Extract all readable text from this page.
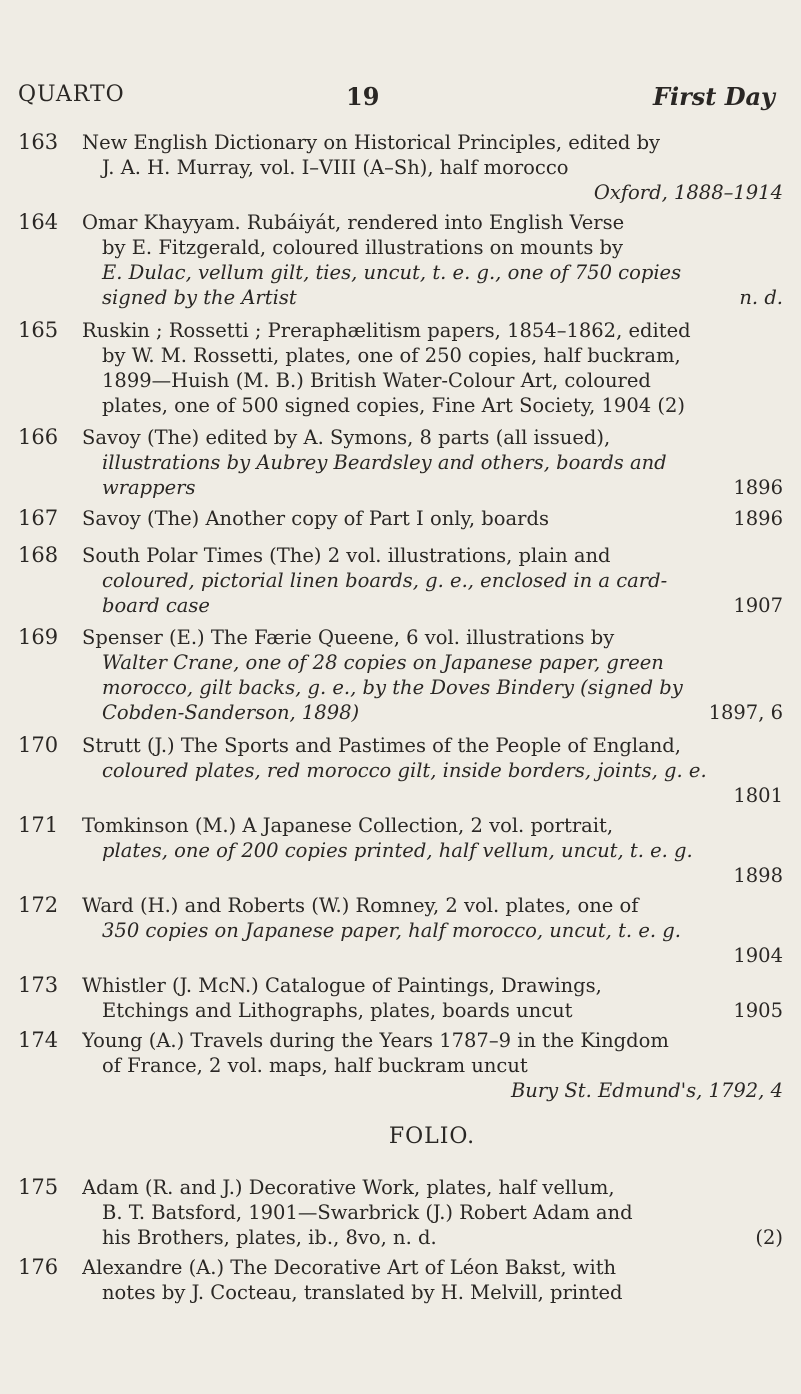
QUARTO	19	First Day
163	New English Dictionary on Historical Principles, edited by
J. A. H. Murray, vol. I–VIII (A–Sh), half morocco
Oxford, 1888–1914
164	Omar Khayyam. Rubáiyát, rendered into English Verse
by E. Fitzgerald, coloured illustrations on mounts by
E. Dulac, vellum gilt, ties, uncut, t. e. g., one of 750 copies
signed by the Artist	n. d.
165	Ruskin ; Rossetti ; Preraphælitism papers, 1854–1862, edited
by W. M. Rossetti, plates, one of 250 copies, half buckram,
1899—Huish (M. B.) British Water-Colour Art, coloured
plates, one of 500 signed copies, Fine Art Society, 1904 (2)
166	Savoy (The) edited by A. Symons, 8 parts (all issued),
illustrations by Aubrey Beardsley and others, boards and
wrappers	1896
167	Savoy (The) Another copy of Part I only, boards	1896
168	South Polar Times (The) 2 vol. illustrations, plain and
coloured, pictorial linen boards, g. e., enclosed in a card-
board case	1907
169	Spenser (E.) The Færie Queene, 6 vol. illustrations by
Walter Crane, one of 28 copies on Japanese paper, green
morocco, gilt backs, g. e., by the Doves Bindery (signed by
Cobden-Sanderson, 1898)	1897, 6
170	Strutt (J.) The Sports and Pastimes of the People of England,
coloured plates, red morocco gilt, inside borders, joints, g. e.
1801
171	Tomkinson (M.) A Japanese Collection, 2 vol. portrait,
plates, one of 200 copies printed, half vellum, uncut, t. e. g.
1898
172	Ward (H.) and Roberts (W.) Romney, 2 vol. plates, one of
350 copies on Japanese paper, half morocco, uncut, t. e. g.
1904
173	Whistler (J. McN.) Catalogue of Paintings, Drawings,
Etchings and Lithographs, plates, boards uncut	1905
174	Young (A.) Travels during the Years 1787–9 in the Kingdom
of France, 2 vol. maps, half buckram uncut
Bury St. Edmund's, 1792, 4
FOLIO.
175	Adam (R. and J.) Decorative Work, plates, half vellum,
B. T. Batsford, 1901—Swarbrick (J.) Robert Adam and
his Brothers, plates, ib., 8vo, n. d.	(2)
176	Alexandre (A.) The Decorative Art of Léon Bakst, with
notes by J. Cocteau, translated by H. Melvill, printed
